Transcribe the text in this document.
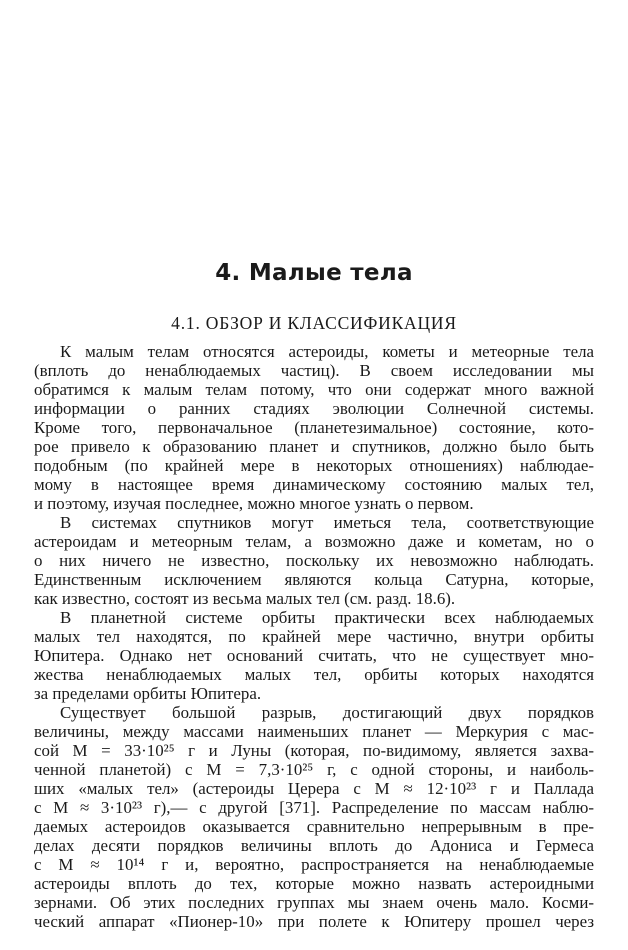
4. Малые тела
4.1. ОБЗОР И КЛАССИФИКАЦИЯ
К малым телам относятся астероиды, кометы и метеорные тела
(вплоть до ненаблюдаемых частиц). В своем исследовании мы
обратимся к малым телам потому, что они содержат много важной
информации о ранних стадиях эволюции Солнечной системы.
Кроме того, первоначальное (планетезимальное) состояние, кото-
рое привело к образованию планет и спутников, должно было быть
подобным (по крайней мере в некоторых отношениях) наблюдае-
мому в настоящее время динамическому состоянию малых тел,
и поэтому, изучая последнее, можно многое узнать о первом.
В системах спутников могут иметься тела, соответствующие
астероидам и метеорным телам, а возможно даже и кометам, но о
о них ничего не известно, поскольку их невозможно наблюдать.
Единственным исключением являются кольца Сатурна, которые,
как известно, состоят из весьма малых тел (см. разд. 18.6).
В планетной системе орбиты практически всех наблюдаемых
малых тел находятся, по крайней мере частично, внутри орбиты
Юпитера. Однако нет оснований считать, что не существует мно-
жества ненаблюдаемых малых тел, орбиты которых находятся
за пределами орбиты Юпитера.
Существует большой разрыв, достигающий двух порядков
величины, между массами наименьших планет — Меркурия с мас-
сой M = 33·10²⁵ г и Луны (которая, по-видимому, является захва-
ченной планетой) с M = 7,3·10²⁵ г, с одной стороны, и наиболь-
ших «малых тел» (астероиды Церера с M ≈ 12·10²³ г и Паллада
с M ≈ 3·10²³ г),— с другой [371]. Распределение по массам наблю-
даемых астероидов оказывается сравнительно непрерывным в пре-
делах десяти порядков величины вплоть до Адониса и Гермеса
с M ≈ 10¹⁴ г и, вероятно, распространяется на ненаблюдаемые
астероиды вплоть до тех, которые можно назвать астероидными
зернами. Об этих последних группах мы знаем очень мало. Косми-
ческий аппарат «Пионер-10» при полете к Юпитеру прошел через
